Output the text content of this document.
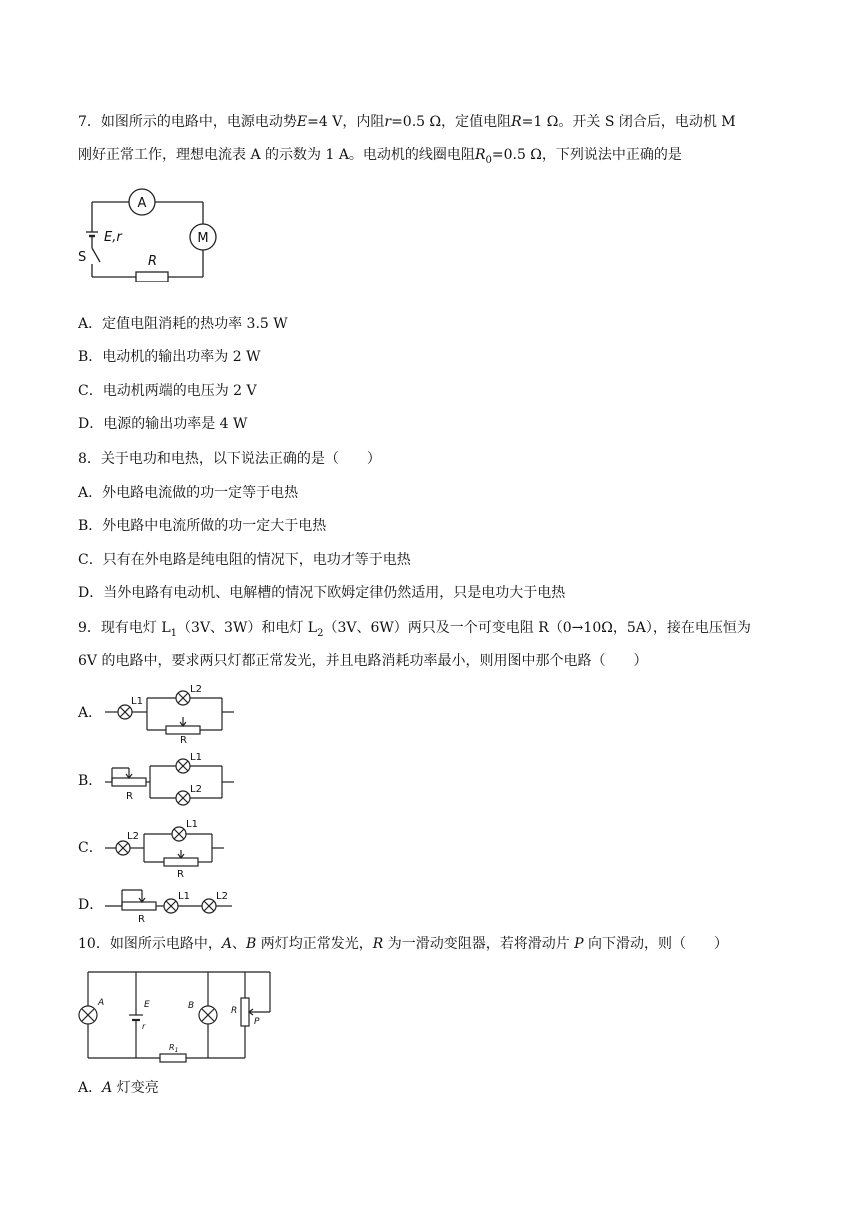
7．如图所示的电路中，电源电动势E=4 V，内阻r=0.5 Ω，定值电阻R=1 Ω。开关 S 闭合后，电动机 M
刚好正常工作，理想电流表 A 的示数为 1 A。电动机的线圈电阻$R_0=0.5$ Ω，下列说法中正确的是
A
M
E,r
S	R
A．定值电阻消耗的热功率 3.5 W
B．电动机的输出功率为 2 W
C．电动机两端的电压为 2 V
D．电源的输出功率是 4 W
8．关于电功和电热，以下说法正确的是（　　）
A．外电路电流做的功一定等于电热
B．外电路中电流所做的功一定大于电热
C．只有在外电路是纯电阻的情况下，电功才等于电热
D．当外电路有电动机、电解槽的情况下欧姆定律仍然适用，只是电功大于电热
9．现有电灯 $L_1(3V$、3W）和电灯 $L_2(3V$、6W）两只及一个可变电阻 R（0→10Ω，5A），接在电压恒为
6V 的电路中，要求两只灯都正常发光，并且电路消耗功率最小，则用图中那个电路（　　）
A．
L1
L2
R
B．
R
L1
L2
C．
L2
L1
R
D．
R
L1	L2
10．如图所示电路中，A、B 两灯均正常发光，R 为一滑动变阻器，若将滑动片 P 向下滑动，则（　　）
A	E
r
B	R
P
$R_1$
A．A 灯变亮
